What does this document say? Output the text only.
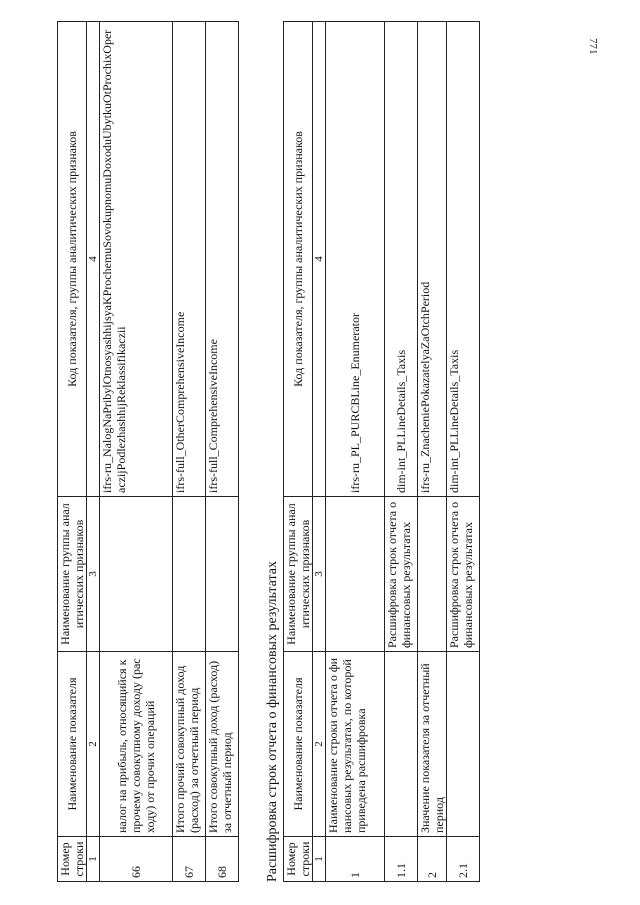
771
Номер строки	Наименование показателя	Наименование группы аналитических признаков	Код показателя, группы аналитических признаков
1	2	3	4
66	налог на прибыль, относящийся к прочему совокупному доходу (расходу) от прочих операций		ifrs-ru_NalogNaPribylOtnosyashhijsyaKProchemuSovokupnomuDoxoduUbytkuOtProchixOperaczijPodlezhashhijReklassifikaczii
67	Итого прочий совокупный доход (расход) за отчетный период		ifrs-full_OtherComprehensiveIncome
68	Итого совокупный доход (расход) за отчетный период		ifrs-full_ComprehensiveIncome
Расшифровка строк отчета о финансовых результатах Номер строки	Наименование показателя	Наименование группы аналитических признаков	Код показателя, группы аналитических признаков
1	2	3	4
1	Наименование строки отчета о финансовых результатах, по которой приведена расшифровка		ifrs-ru_PL_PURCBLine_Enumerator
1.1		Расшифровка строк отчета о финансовых результатах	dim-int_PLLineDetails_Taxis
2	Значение показателя за отчетный период		ifrs-ru_ZnacheniePokazatelyaZaOtchPeriod
2.1		Расшифровка строк отчета о финансовых результатах	dim-int_PLLineDetails_Taxis
